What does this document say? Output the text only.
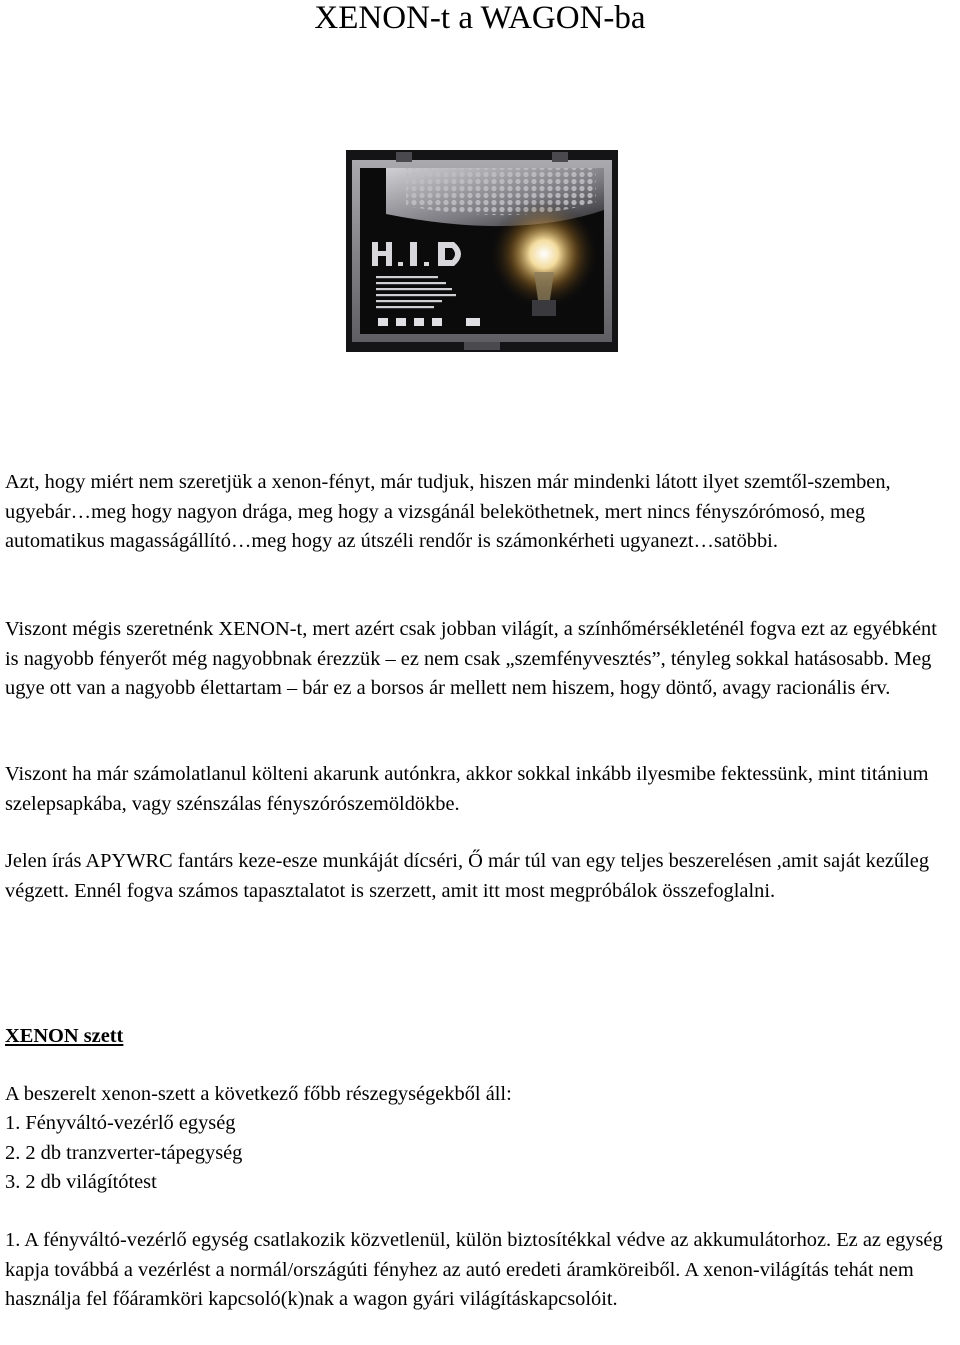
XENON-t a WAGON-ba

Azt, hogy miért nem szeretjük a xenon-fényt, már tudjuk, hiszen már mindenki látott ilyet szemtől-szemben, ugyebár…meg hogy nagyon drága, meg hogy a vizsgánál beleköthetnek, mert nincs fényszórómosó, meg automatikus magasságállító…meg hogy az útszéli rendőr is számonkérheti ugyanezt…satöbbi.

Viszont mégis szeretnénk XENON-t, mert azért csak jobban világít, a színhőmérsékleténél fogva ezt az egyébként is nagyobb fényerőt még nagyobbnak érezzük – ez nem csak „szemfényvesztés”, tényleg sokkal hatásosabb. Meg ugye ott van a nagyobb élettartam – bár ez a borsos ár mellett nem hiszem, hogy döntő, avagy racionális érv.

Viszont ha már számolatlanul költeni akarunk autónkra, akkor sokkal inkább ilyesmibe fektessünk, mint titánium szelepsapkába, vagy szénszálas fényszórószemöldökbe.

Jelen írás APYWRC fantárs keze-esze munkáját dícséri, Ő már túl van egy teljes beszerelésen ,amit saját kezűleg végzett. Ennél fogva számos tapasztalatot is szerzett, amit itt most megpróbálok összefoglalni.

XENON szett

A beszerelt xenon-szett a következő főbb részegységekből áll:

1. Fényváltó-vezérlő egység
2. 2 db tranzverter-tápegység
3. 2 db világítótest

1. A fényváltó-vezérlő egység csatlakozik közvetlenül, külön biztosítékkal védve az akkumulátorhoz. Ez az egység kapja továbbá a vezérlést a normál/országúti fényhez az autó eredeti áramköreiből. A xenon-világítás tehát nem használja fel főáramköri kapcsoló(k)nak a wagon gyári világításkapcsolóit.
